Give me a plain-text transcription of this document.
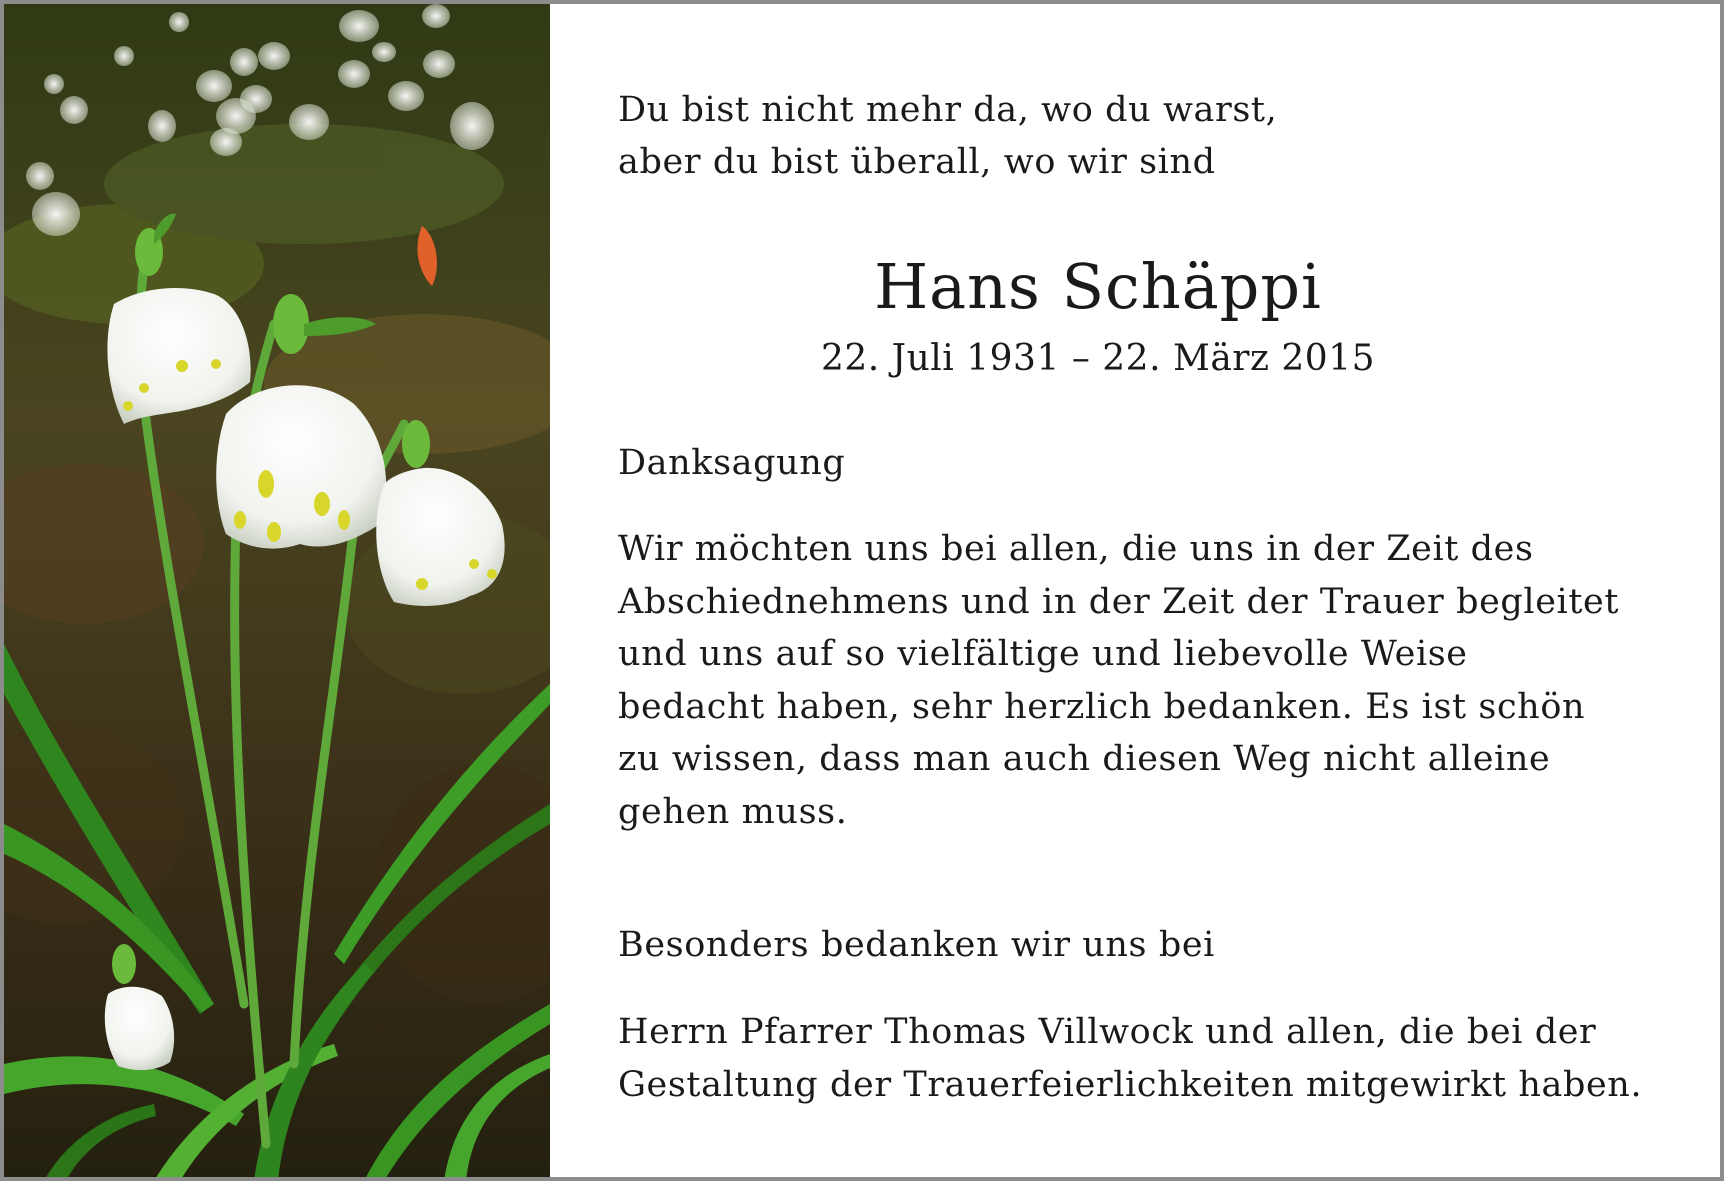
Du bist nicht mehr da, wo du warst,
aber du bist überall, wo wir sind
Hans Schäppi
22. Juli 1931 – 22. März 2015
Danksagung
Wir möchten uns bei allen, die uns in der Zeit des
Abschiednehmens und in der Zeit der Trauer begleitet
und uns auf so vielfältige und liebevolle Weise
bedacht haben, sehr herzlich bedanken. Es ist schön
zu wissen, dass man auch diesen Weg nicht alleine
gehen muss.
Besonders bedanken wir uns bei
Herrn Pfarrer Thomas Villwock und allen, die bei der
Gestaltung der Trauerfeierlichkeiten mitgewirkt haben.
